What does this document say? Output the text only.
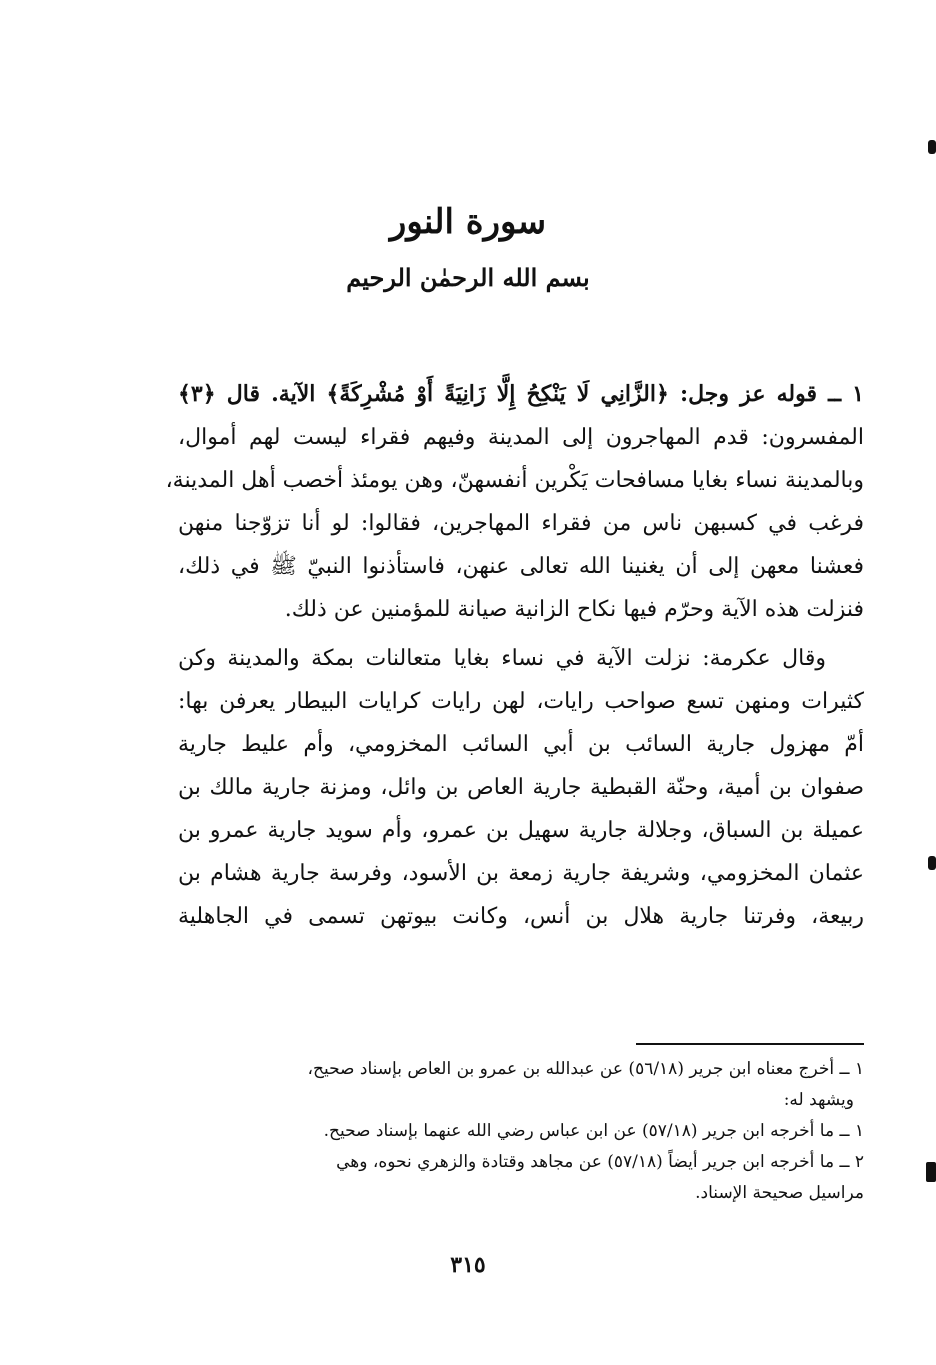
سورة النور
بسم الله الرحمٰن الرحيم

١ ــ قوله عز وجل: ﴿الزَّانِي لَا يَنْكِحُ إِلَّا زَانِيَةً أَوْ مُشْرِكَةً﴾ الآية. قال ﴿٣﴾
المفسرون: قدم المهاجرون إلى المدينة وفيهم فقراء ليست لهم أموال،
وبالمدينة نساء بغايا مسافحات يَكْرين أنفسهنّ، وهن يومئذ أخصب أهل المدينة،
فرغب في كسبهن ناس من فقراء المهاجرين، فقالوا: لو أنا تزوّجنا منهن
فعشنا معهن إلى أن يغنينا الله تعالى عنهن، فاستأذنوا النبيّ ﷺ في ذلك،
فنزلت هذه الآية وحرّم فيها نكاح الزانية صيانة للمؤمنين عن ذلك.

وقال عكرمة: نزلت الآية في نساء بغايا متعالنات بمكة والمدينة وكن
كثيرات ومنهن تسع صواحب رايات، لهن رايات كرايات البيطار يعرفن بها:
أمّ مهزول جارية السائب بن أبي السائب المخزومي، وأم عليط جارية
صفوان بن أمية، وحنّة القبطية جارية العاص بن وائل، ومزنة جارية مالك بن
عميلة بن السباق، وجلالة جارية سهيل بن عمرو، وأم سويد جارية عمرو بن
عثمان المخزومي، وشريفة جارية زمعة بن الأسود، وفرسة جارية هشام بن
ربيعة، وفرتنا جارية هلال بن أنس، وكانت بيوتهن تسمى في الجاهلية

١ ــ أخرج معناه ابن جرير (٥٦/١٨) عن عبدالله بن عمرو بن العاص بإسناد صحيح،
ويشهد له:
١ ــ ما أخرجه ابن جرير (٥٧/١٨) عن ابن عباس رضي الله عنهما بإسناد صحيح.
٢ ــ ما أخرجه ابن جرير أيضاً (٥٧/١٨) عن مجاهد وقتادة والزهري نحوه، وهي
مراسيل صحيحة الإسناد.
٣١٥
